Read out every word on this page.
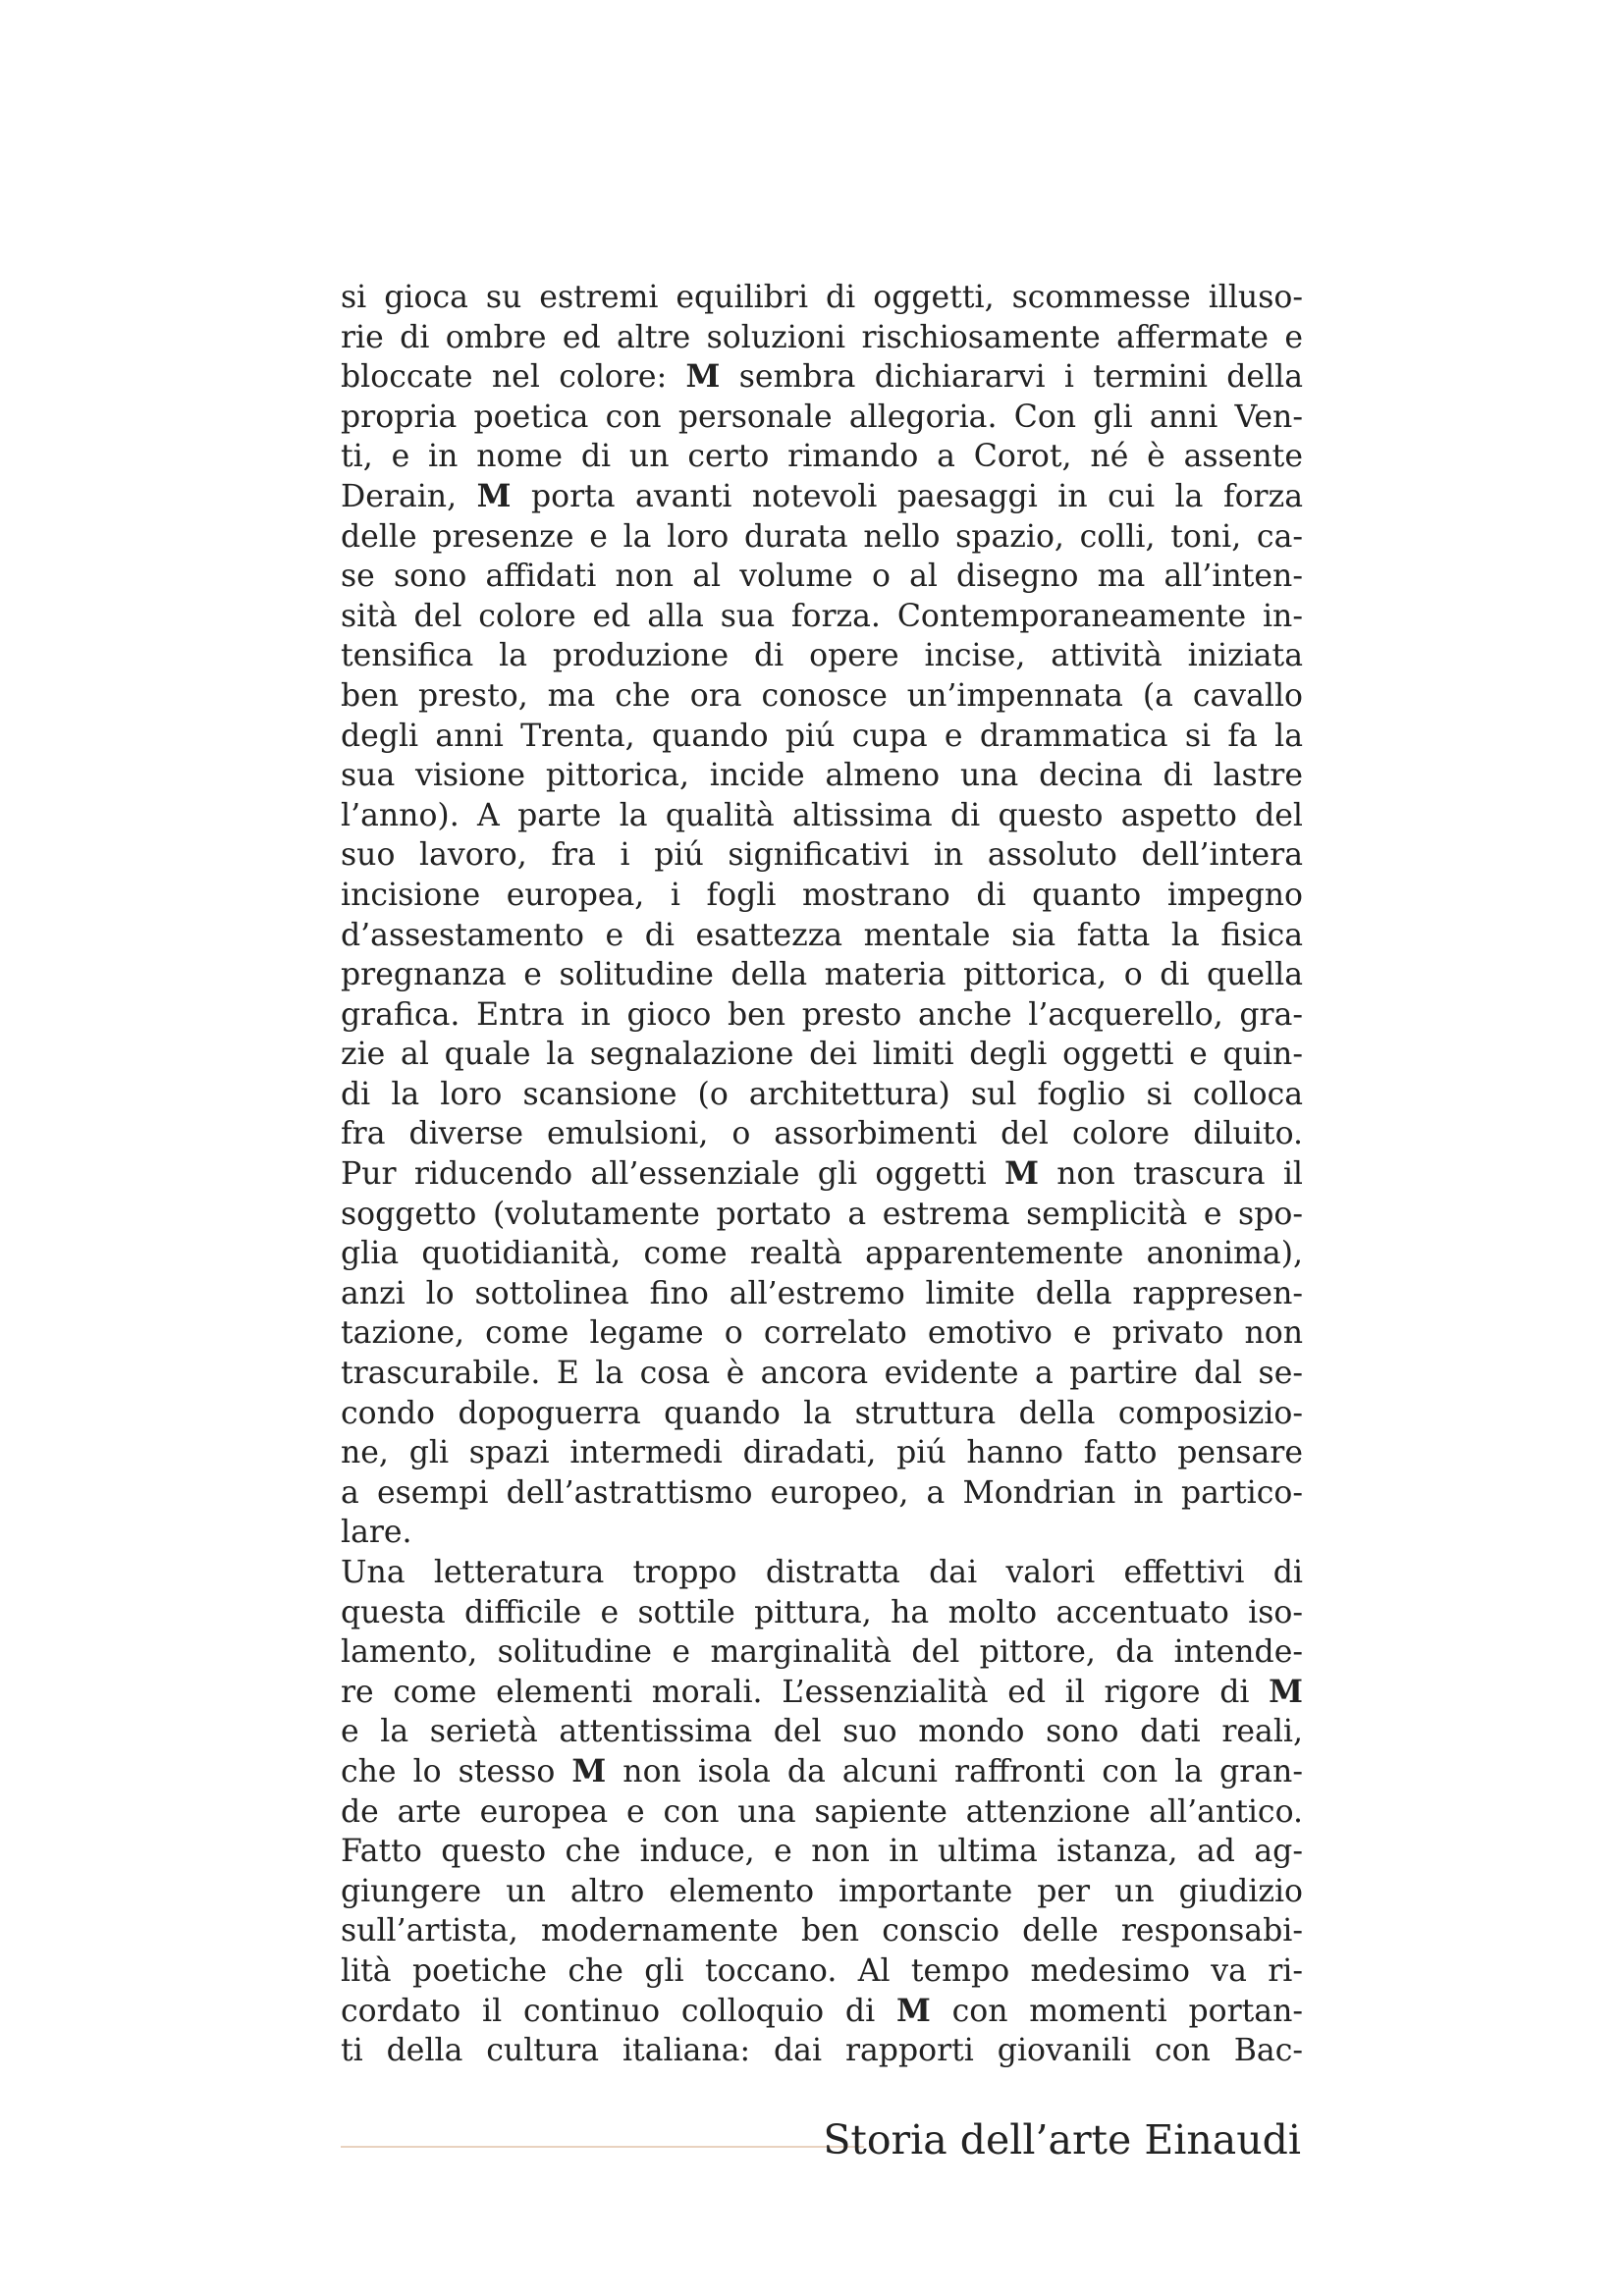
si gioca su estremi equilibri di oggetti, scommesse illuso-
rie di ombre ed altre soluzioni rischiosamente affermate e
bloccate nel colore: M sembra dichiararvi i termini della
propria poetica con personale allegoria. Con gli anni Ven-
ti, e in nome di un certo rimando a Corot, né è assente
Derain, M porta avanti notevoli paesaggi in cui la forza
delle presenze e la loro durata nello spazio, colli, toni, ca-
se sono affidati non al volume o al disegno ma all’inten-
sità del colore ed alla sua forza. Contemporaneamente in-
tensifica la produzione di opere incise, attività iniziata
ben presto, ma che ora conosce un’impennata (a cavallo
degli anni Trenta, quando piú cupa e drammatica si fa la
sua visione pittorica, incide almeno una decina di lastre
l’anno). A parte la qualità altissima di questo aspetto del
suo lavoro, fra i piú significativi in assoluto dell’intera
incisione europea, i fogli mostrano di quanto impegno
d’assestamento e di esattezza mentale sia fatta la fisica
pregnanza e solitudine della materia pittorica, o di quella
grafica. Entra in gioco ben presto anche l’acquerello, gra-
zie al quale la segnalazione dei limiti degli oggetti e quin-
di la loro scansione (o architettura) sul foglio si colloca
fra diverse emulsioni, o assorbimenti del colore diluito.
Pur riducendo all’essenziale gli oggetti M non trascura il
soggetto (volutamente portato a estrema semplicità e spo-
glia quotidianità, come realtà apparentemente anonima),
anzi lo sottolinea fino all’estremo limite della rappresen-
tazione, come legame o correlato emotivo e privato non
trascurabile. E la cosa è ancora evidente a partire dal se-
condo dopoguerra quando la struttura della composizio-
ne, gli spazi intermedi diradati, piú hanno fatto pensare
a esempi dell’astrattismo europeo, a Mondrian in partico-
lare.
Una letteratura troppo distratta dai valori effettivi di
questa difficile e sottile pittura, ha molto accentuato iso-
lamento, solitudine e marginalità del pittore, da intende-
re come elementi morali. L’essenzialità ed il rigore di M
e la serietà attentissima del suo mondo sono dati reali,
che lo stesso M non isola da alcuni raffronti con la gran-
de arte europea e con una sapiente attenzione all’antico.
Fatto questo che induce, e non in ultima istanza, ad ag-
giungere un altro elemento importante per un giudizio
sull’artista, modernamente ben conscio delle responsabi-
lità poetiche che gli toccano. Al tempo medesimo va ri-
cordato il continuo colloquio di M con momenti portan-
ti della cultura italiana: dai rapporti giovanili con Bac-
Storia dell’arte Einaudi
